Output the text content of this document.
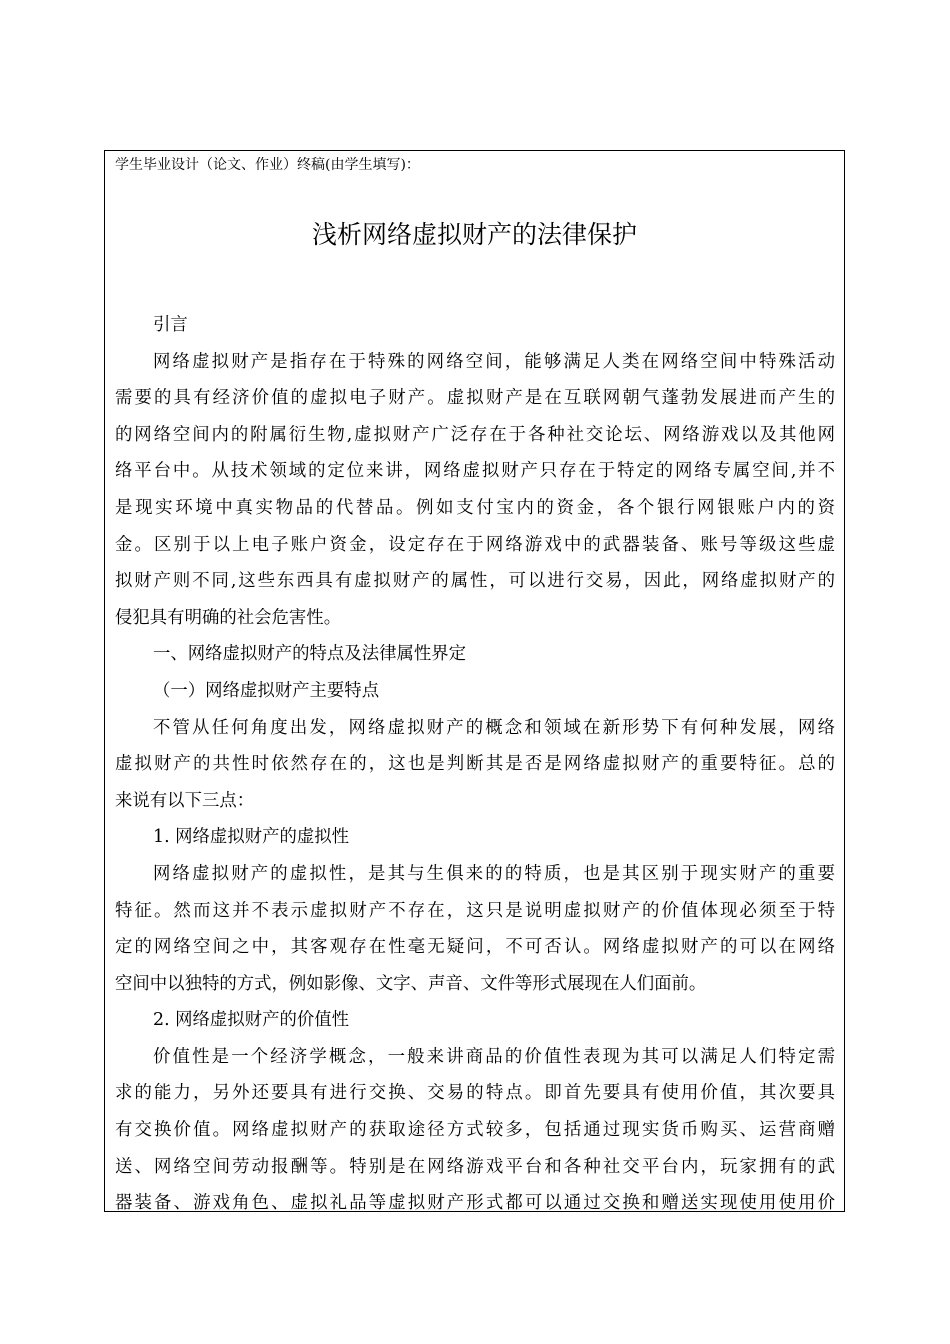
学生毕业设计（论文、作业）终稿(由学生填写)：
浅析网络虚拟财产的法律保护
引言
网络虚拟财产是指存在于特殊的网络空间，能够满足人类在网络空间中特殊活动
需要的具有经济价值的虚拟电子财产。虚拟财产是在互联网朝气蓬勃发展进而产生的
的网络空间内的附属衍生物,虚拟财产广泛存在于各种社交论坛、网络游戏以及其他网
络平台中。从技术领域的定位来讲，网络虚拟财产只存在于特定的网络专属空间,并不
是现实环境中真实物品的代替品。例如支付宝内的资金，各个银行网银账户内的资
金。区别于以上电子账户资金，设定存在于网络游戏中的武器装备、账号等级这些虚
拟财产则不同,这些东西具有虚拟财产的属性，可以进行交易，因此，网络虚拟财产的
侵犯具有明确的社会危害性。
一、网络虚拟财产的特点及法律属性界定
（一）网络虚拟财产主要特点
不管从任何角度出发，网络虚拟财产的概念和领域在新形势下有何种发展，网络
虚拟财产的共性时依然存在的，这也是判断其是否是网络虚拟财产的重要特征。总的
来说有以下三点：
1. 网络虚拟财产的虚拟性
网络虚拟财产的虚拟性，是其与生俱来的的特质，也是其区别于现实财产的重要
特征。然而这并不表示虚拟财产不存在，这只是说明虚拟财产的价值体现必须至于特
定的网络空间之中，其客观存在性毫无疑问，不可否认。网络虚拟财产的可以在网络
空间中以独特的方式，例如影像、文字、声音、文件等形式展现在人们面前。
2. 网络虚拟财产的价值性
价值性是一个经济学概念，一般来讲商品的价值性表现为其可以满足人们特定需
求的能力，另外还要具有进行交换、交易的特点。即首先要具有使用价值，其次要具
有交换价值。网络虚拟财产的获取途径方式较多，包括通过现实货币购买、运营商赠
送、网络空间劳动报酬等。特别是在网络游戏平台和各种社交平台内，玩家拥有的武
器装备、游戏角色、虚拟礼品等虚拟财产形式都可以通过交换和赠送实现使用使用价
